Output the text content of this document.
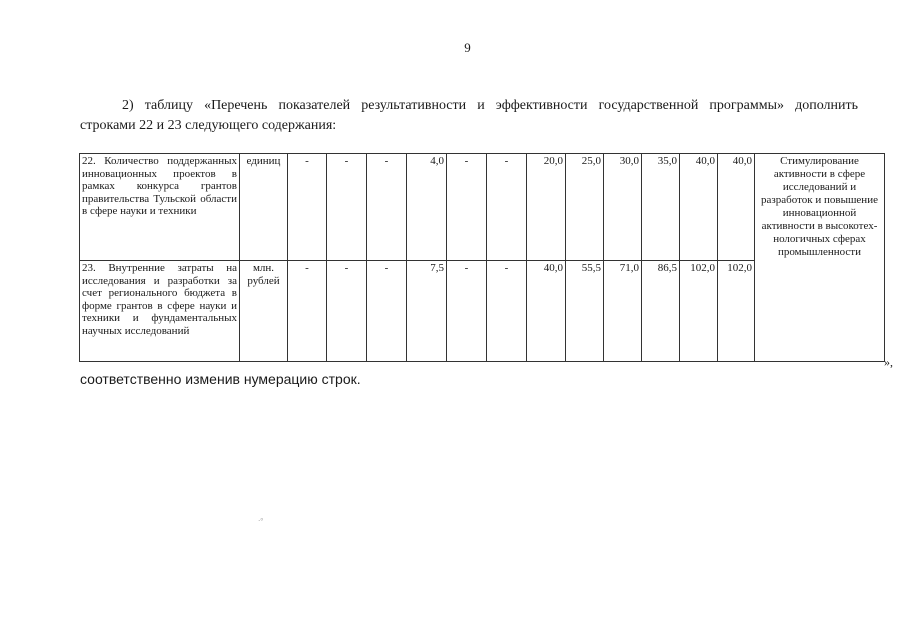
9
2) таблицу «Перечень показателей результативности и эффективности государственной программы» дополнить
строками 22 и 23 следующего содержания:
22. Количество поддержанных инновационных проектов в рамках конкурса грантов правительства Тульской области в сфере науки и техники	единиц	-	-	-	4,0	-	-	20,0	25,0	30,0	35,0	40,0	40,0	Стимулирование активности в сфере исследований и разработок и повышение инновационной активности в высокотех-нологичных сферах промышленности
23. Внутренние затраты на исследования и разработки за счет регионального бюджета в форме грантов в сфере науки и техники и фундаментальных научных исследований	млн. рублей	-	-	-	7,5	-	-	40,0	55,5	71,0	86,5	102,0	102,0	
»,
соответственно изменив нумерацию строк.
·°
